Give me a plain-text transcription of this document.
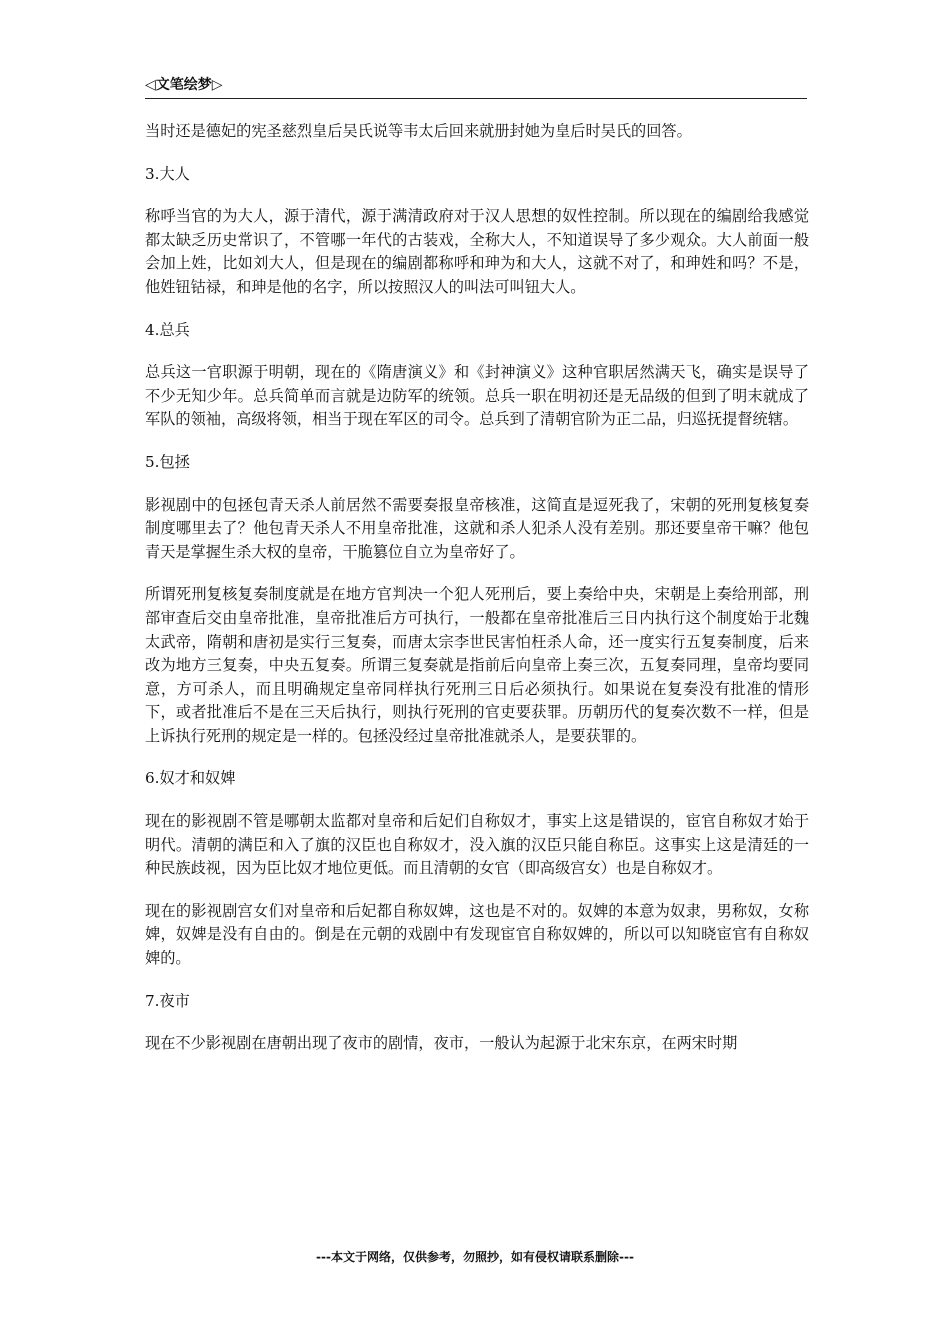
◁文笔绘梦▷

当时还是德妃的宪圣慈烈皇后吴氏说等韦太后回来就册封她为皇后时吴氏的回答。

3.大人

称呼当官的为大人，源于清代，源于满清政府对于汉人思想的奴性控制。所以现在的编剧给我感觉都太缺乏历史常识了，不管哪一年代的古装戏，全称大人，不知道误导了多少观众。大人前面一般会加上姓，比如刘大人，但是现在的编剧都称呼和珅为和大人，这就不对了，和珅姓和吗？不是，他姓钮钴禄，和珅是他的名字，所以按照汉人的叫法可叫钮大人。

4.总兵

总兵这一官职源于明朝，现在的《隋唐演义》和《封神演义》这种官职居然满天飞，确实是误导了不少无知少年。总兵简单而言就是边防军的统领。总兵一职在明初还是无品级的但到了明末就成了军队的领袖，高级将领，相当于现在军区的司令。总兵到了清朝官阶为正二品，归巡抚提督统辖。

5.包拯

影视剧中的包拯包青天杀人前居然不需要奏报皇帝核准，这简直是逗死我了，宋朝的死刑复核复奏制度哪里去了？他包青天杀人不用皇帝批准，这就和杀人犯杀人没有差别。那还要皇帝干嘛？他包青天是掌握生杀大权的皇帝，干脆篡位自立为皇帝好了。

所谓死刑复核复奏制度就是在地方官判决一个犯人死刑后，要上奏给中央，宋朝是上奏给刑部，刑部审查后交由皇帝批准，皇帝批准后方可执行，一般都在皇帝批准后三日内执行这个制度始于北魏太武帝，隋朝和唐初是实行三复奏，而唐太宗李世民害怕枉杀人命，还一度实行五复奏制度，后来改为地方三复奏，中央五复奏。所谓三复奏就是指前后向皇帝上奏三次，五复奏同理，皇帝均要同意，方可杀人，而且明确规定皇帝同样执行死刑三日后必须执行。如果说在复奏没有批准的情形下，或者批准后不是在三天后执行，则执行死刑的官吏要获罪。历朝历代的复奏次数不一样，但是上诉执行死刑的规定是一样的。包拯没经过皇帝批准就杀人，是要获罪的。

6.奴才和奴婢

现在的影视剧不管是哪朝太监都对皇帝和后妃们自称奴才，事实上这是错误的，宦官自称奴才始于明代。清朝的满臣和入了旗的汉臣也自称奴才，没入旗的汉臣只能自称臣。这事实上这是清廷的一种民族歧视，因为臣比奴才地位更低。而且清朝的女官（即高级宫女）也是自称奴才。

现在的影视剧宫女们对皇帝和后妃都自称奴婢，这也是不对的。奴婢的本意为奴隶，男称奴，女称婢，奴婢是没有自由的。倒是在元朝的戏剧中有发现宦官自称奴婢的，所以可以知晓宦官有自称奴婢的。

7.夜市

现在不少影视剧在唐朝出现了夜市的剧情，夜市，一般认为起源于北宋东京，在两宋时期

---本文于网络，仅供参考，勿照抄，如有侵权请联系删除---
